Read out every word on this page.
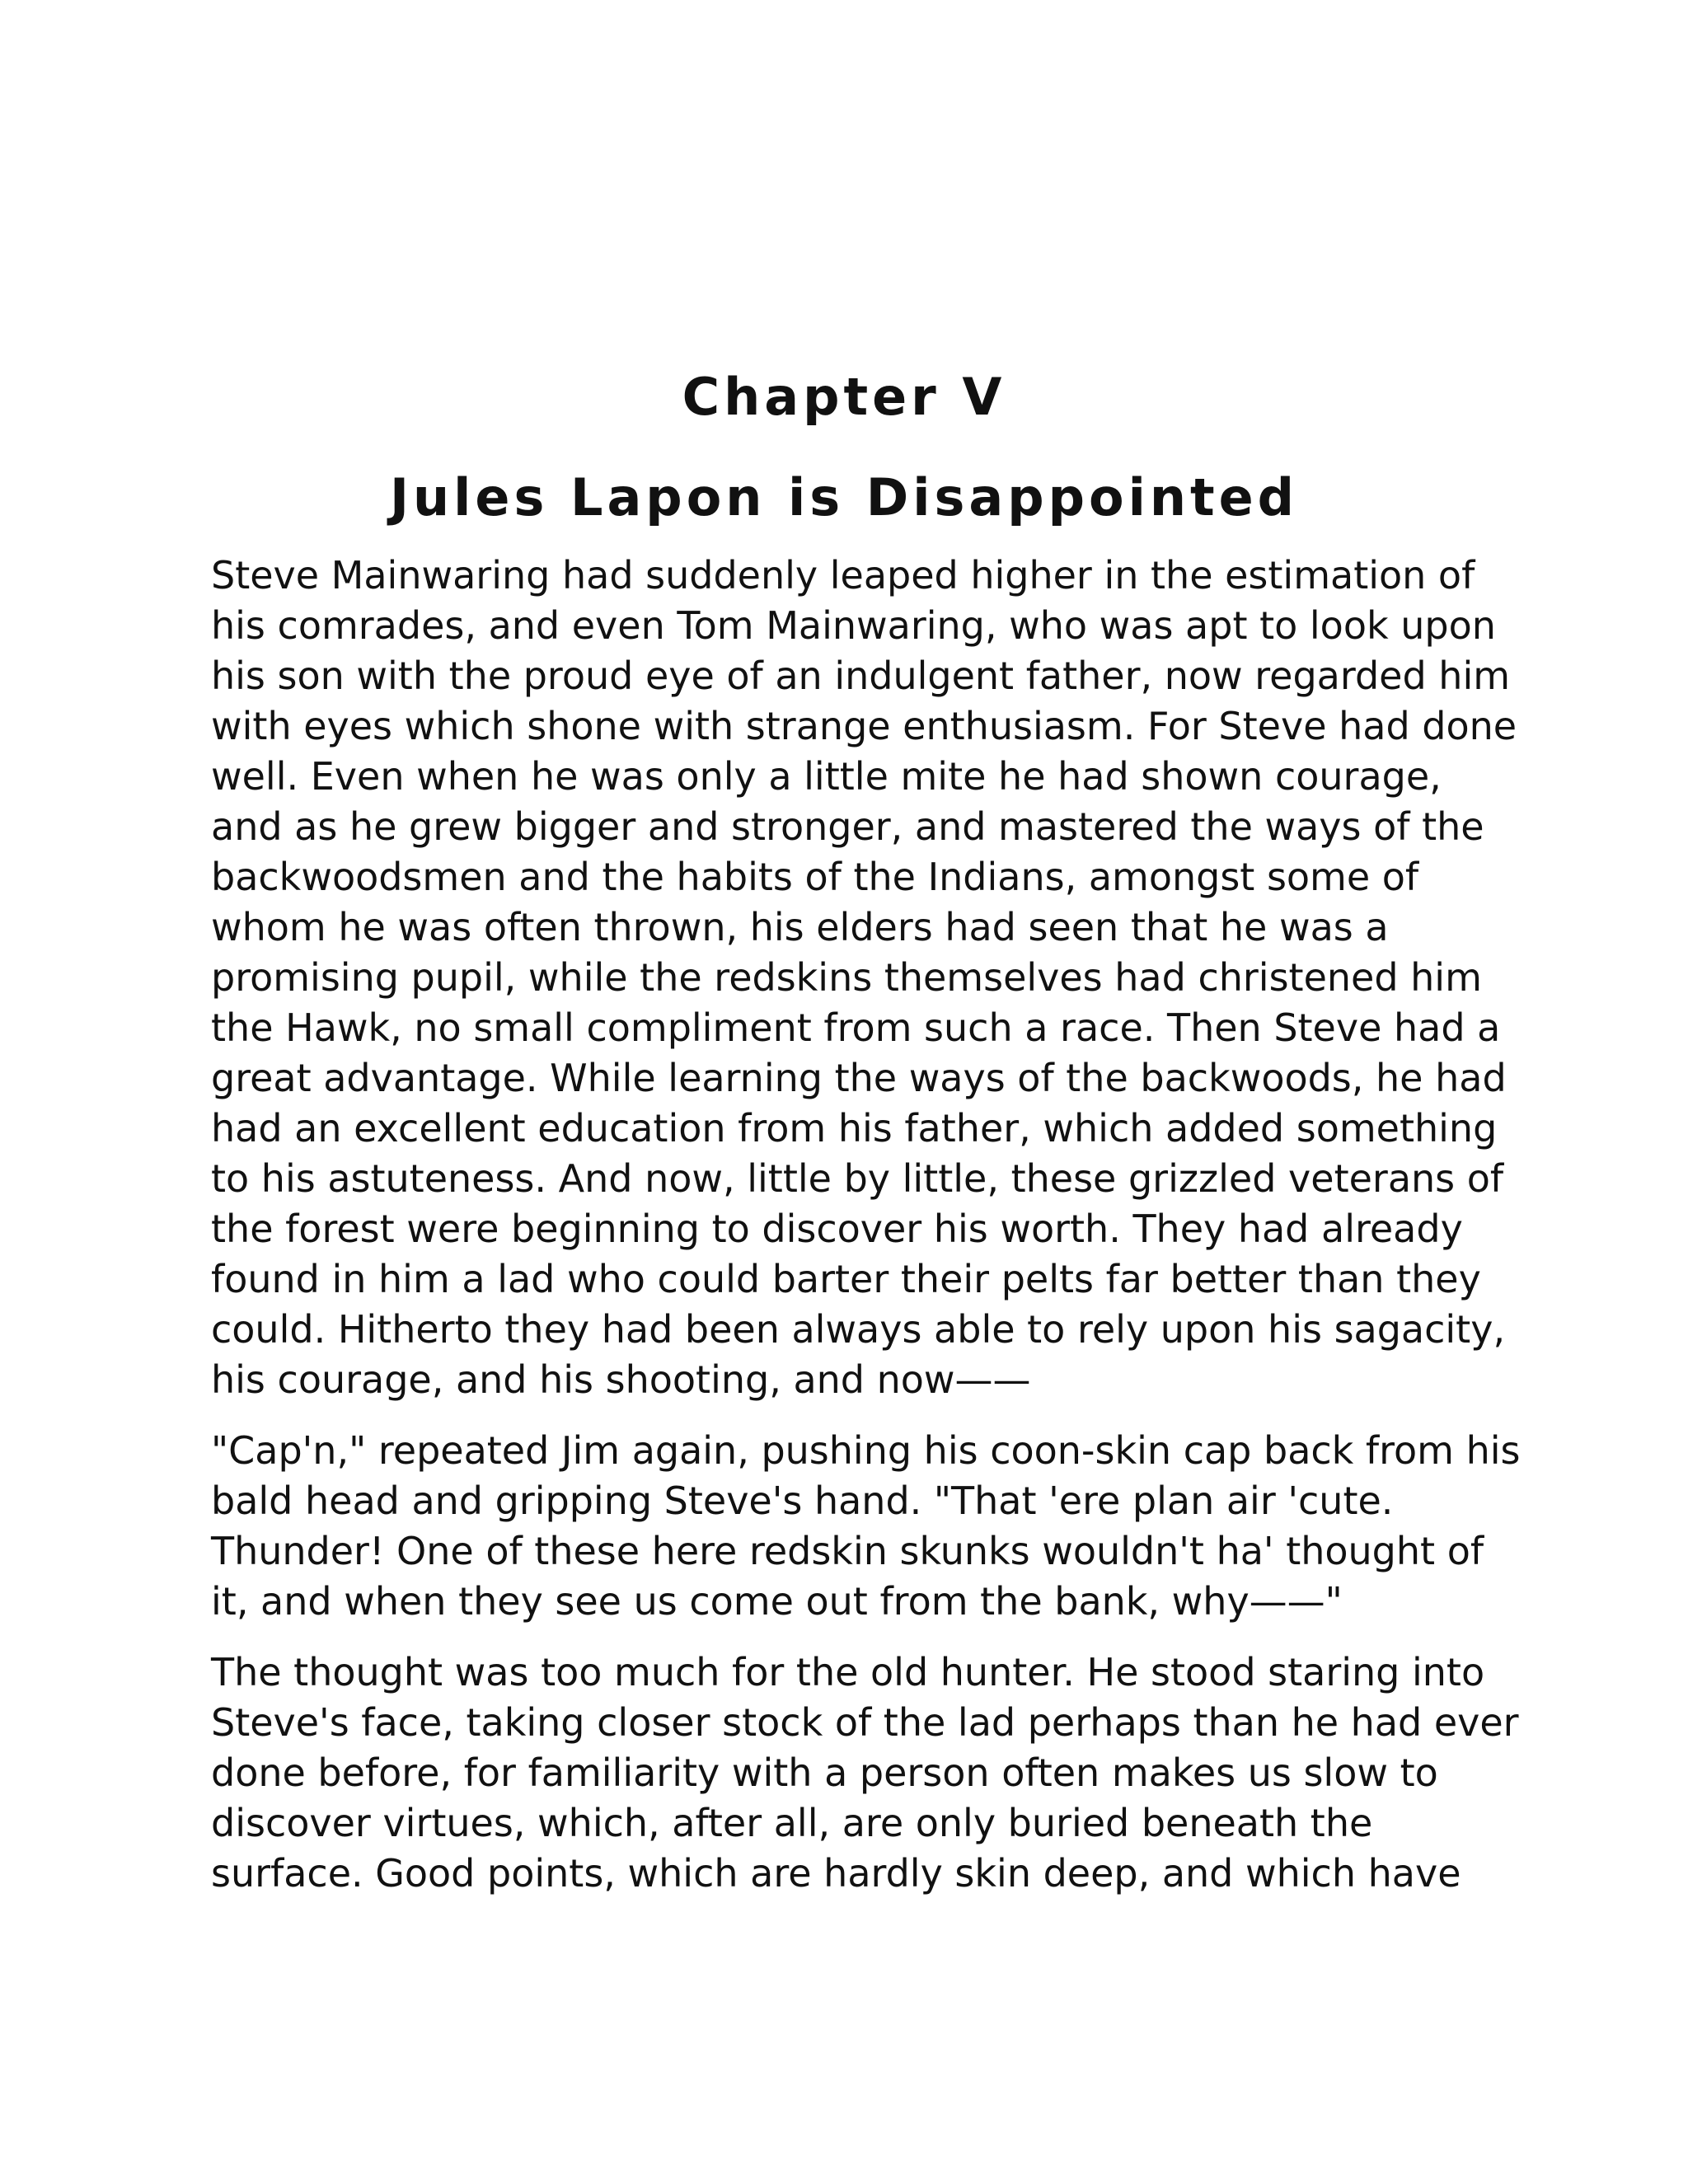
Chapter V
Jules Lapon is Disappointed

Steve Mainwaring had suddenly leaped higher in the estimation of
his comrades, and even Tom Mainwaring, who was apt to look upon
his son with the proud eye of an indulgent father, now regarded him
with eyes which shone with strange enthusiasm. For Steve had done
well. Even when he was only a little mite he had shown courage,
and as he grew bigger and stronger, and mastered the ways of the
backwoodsmen and the habits of the Indians, amongst some of
whom he was often thrown, his elders had seen that he was a
promising pupil, while the redskins themselves had christened him
the Hawk, no small compliment from such a race. Then Steve had a
great advantage. While learning the ways of the backwoods, he had
had an excellent education from his father, which added something
to his astuteness. And now, little by little, these grizzled veterans of
the forest were beginning to discover his worth. They had already
found in him a lad who could barter their pelts far better than they
could. Hitherto they had been always able to rely upon his sagacity,
his courage, and his shooting, and now——

"Cap'n," repeated Jim again, pushing his coon-skin cap back from his
bald head and gripping Steve's hand. "That 'ere plan air 'cute.
Thunder! One of these here redskin skunks wouldn't ha' thought of
it, and when they see us come out from the bank, why——"

The thought was too much for the old hunter. He stood staring into
Steve's face, taking closer stock of the lad perhaps than he had ever
done before, for familiarity with a person often makes us slow to
discover virtues, which, after all, are only buried beneath the
surface. Good points, which are hardly skin deep, and which have
